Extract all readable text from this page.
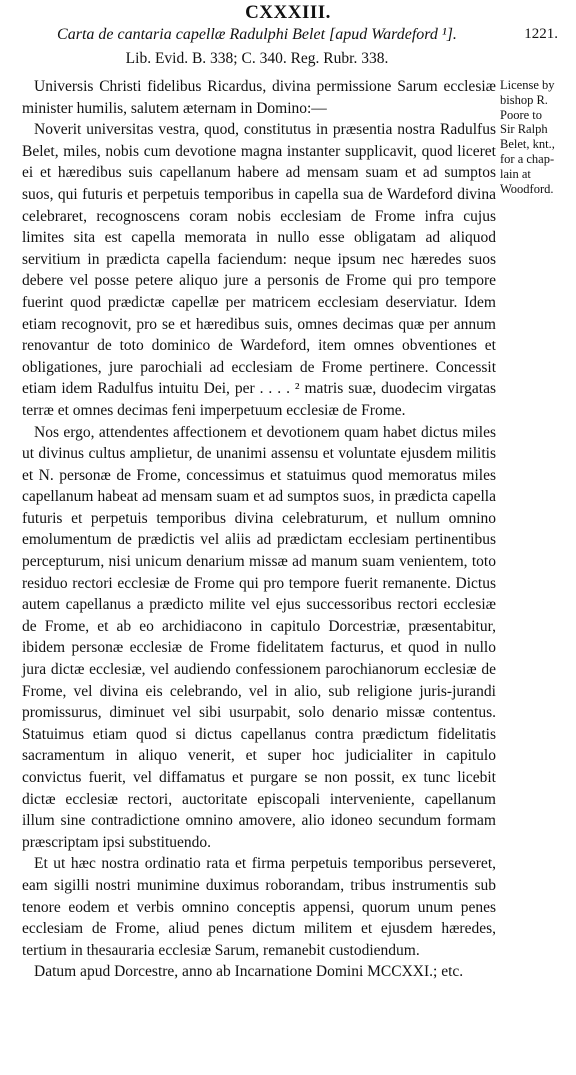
CXXXIII.
1221.
Carta de cantaria capellæ Radulphi Belet [apud Wardeford ¹].
Lib. Evid. B. 338; C. 340. Reg. Rubr. 338.
License by
bishop R.
Poore to
Sir Ralph
Belet, knt.,
for a chap-
lain at
Woodford.

Universis Christi fidelibus Ricardus, divina permissione Sarum ecclesiæ minister humilis, salutem æternam in Domino:—

Noverit universitas vestra, quod, constitutus in præsentia nostra Radulfus Belet, miles, nobis cum devotione magna instanter supplicavit, quod liceret ei et hæredibus suis capellanum habere ad mensam suam et ad sumptos suos, qui futuris et perpetuis temporibus in capella sua de Wardeford divina celebraret, recognoscens coram nobis ecclesiam de Frome infra cujus limites sita est capella memorata in nullo esse obligatam ad aliquod servitium in prædicta capella faciendum: neque ipsum nec hæredes suos debere vel posse petere aliquo jure a personis de Frome qui pro tempore fuerint quod prædictæ capellæ per matricem ecclesiam deserviatur. Idem etiam recognovit, pro se et hæredibus suis, omnes decimas quæ per annum renovantur de toto dominico de Wardeford, item omnes obventiones et obligationes, jure parochiali ad ecclesiam de Frome pertinere. Concessit etiam idem Radulfus intuitu Dei, per . . . . ² matris suæ, duodecim virgatas terræ et omnes decimas feni imperpetuum ecclesiæ de Frome.

Nos ergo, attendentes affectionem et devotionem quam habet dictus miles ut divinus cultus amplietur, de unanimi assensu et voluntate ejusdem militis et N. personæ de Frome, concessimus et statuimus quod memoratus miles capellanum habeat ad mensam suam et ad sumptos suos, in prædicta capella futuris et perpetuis temporibus divina celebraturum, et nullum omnino emolumentum de prædictis vel aliis ad prædictam ecclesiam pertinentibus percepturum, nisi unicum denarium missæ ad manum suam venientem, toto residuo rectori ecclesiæ de Frome qui pro tempore fuerit remanente. Dictus autem capellanus a prædicto milite vel ejus successoribus rectori ecclesiæ de Frome, et ab eo archidiacono in capitulo Dorcestriæ, præsentabitur, ibidem personæ ecclesiæ de Frome fidelitatem facturus, et quod in nullo jura dictæ ecclesiæ, vel audiendo confessionem parochianorum ecclesiæ de Frome, vel divina eis celebrando, vel in alio, sub religione juris-jurandi promissurus, diminuet vel sibi usurpabit, solo denario missæ contentus. Statuimus etiam quod si dictus capellanus contra prædictum fidelitatis sacramentum in aliquo venerit, et super hoc judicialiter in capitulo convictus fuerit, vel diffamatus et purgare se non possit, ex tunc licebit dictæ ecclesiæ rectori, auctoritate episcopali interveniente, capellanum illum sine contradictione omnino amovere, alio idoneo secundum formam præscriptam ipsi substituendo.

Et ut hæc nostra ordinatio rata et firma perpetuis temporibus perseveret, eam sigilli nostri munimine duximus roborandam, tribus instrumentis sub tenore eodem et verbis omnino conceptis appensi, quorum unum penes ecclesiam de Frome, aliud penes dictum militem et ejusdem hæredes, tertium in thesauraria ecclesiæ Sarum, remanebit custodiendum.

Datum apud Dorcestre, anno ab Incarnatione Domini MCCXXI.; etc.
